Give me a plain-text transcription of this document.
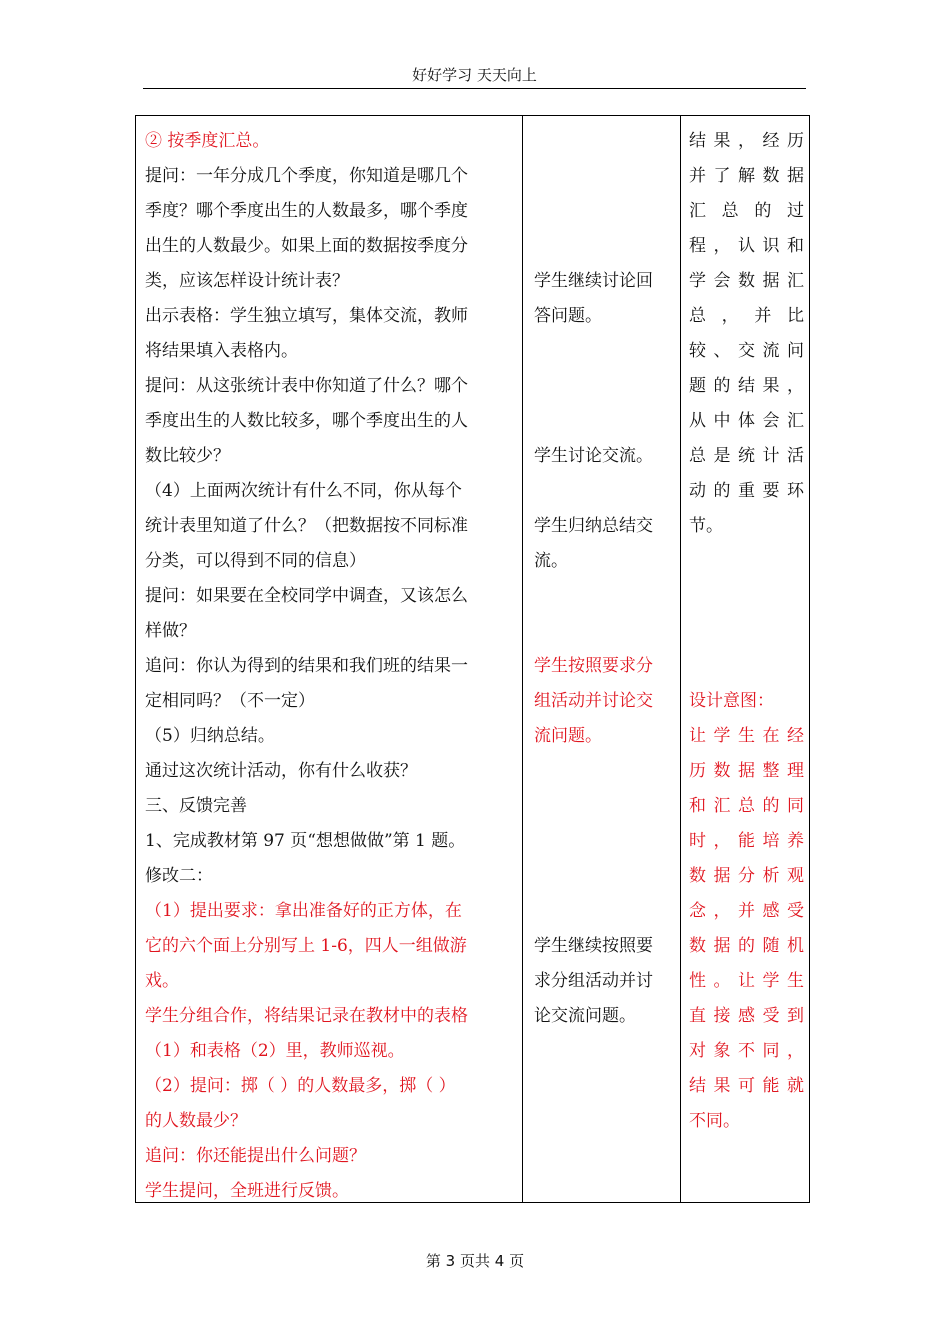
好好学习 天天向上

② 按季度汇总。

提问：一年分成几个季度，你知道是哪几个

季度？哪个季度出生的人数最多，哪个季度

出生的人数最少。如果上面的数据按季度分

类，应该怎样设计统计表？

出示表格：学生独立填写，集体交流，教师

将结果填入表格内。

提问：从这张统计表中你知道了什么？哪个

季度出生的人数比较多，哪个季度出生的人

数比较少？

（4）上面两次统计有什么不同，你从每个

统计表里知道了什么？（把数据按不同标准

分类，可以得到不同的信息）

提问：如果要在全校同学中调查，又该怎么

样做？

追问：你认为得到的结果和我们班的结果一

定相同吗？（不一定）

（5）归纳总结。

通过这次统计活动，你有什么收获？

三、反馈完善

1、完成教材第 97 页“想想做做”第 1 题。

修改二：

（1）提出要求：拿出准备好的正方体，在

它的六个面上分别写上 1-6，四人一组做游

戏。

学生分组合作，将结果记录在教材中的表格

（1）和表格（2）里，教师巡视。

（2）提问：掷（ ）的人数最多，掷（ ）

的人数最少？

追问：你还能提出什么问题？

学生提问，全班进行反馈。

学生继续讨论回

答问题。

学生讨论交流。

学生归纳总结交

流。

学生按照要求分

组活动并讨论交

流问题。

学生继续按照要

求分组活动并讨

论交流问题。

结果，经历

并了解数据

汇总的过

程，认识和

学会数据汇

总，并比

较、交流问

题的结果，

从中体会汇

总是统计活

动的重要环

节。

设计意图：

让学生在经

历数据整理

和汇总的同

时，能培养

数据分析观

念，并感受

数据的随机

性。让学生

直接感受到

对象不同，

结果可能就

不同。

第 3 页共 4 页
